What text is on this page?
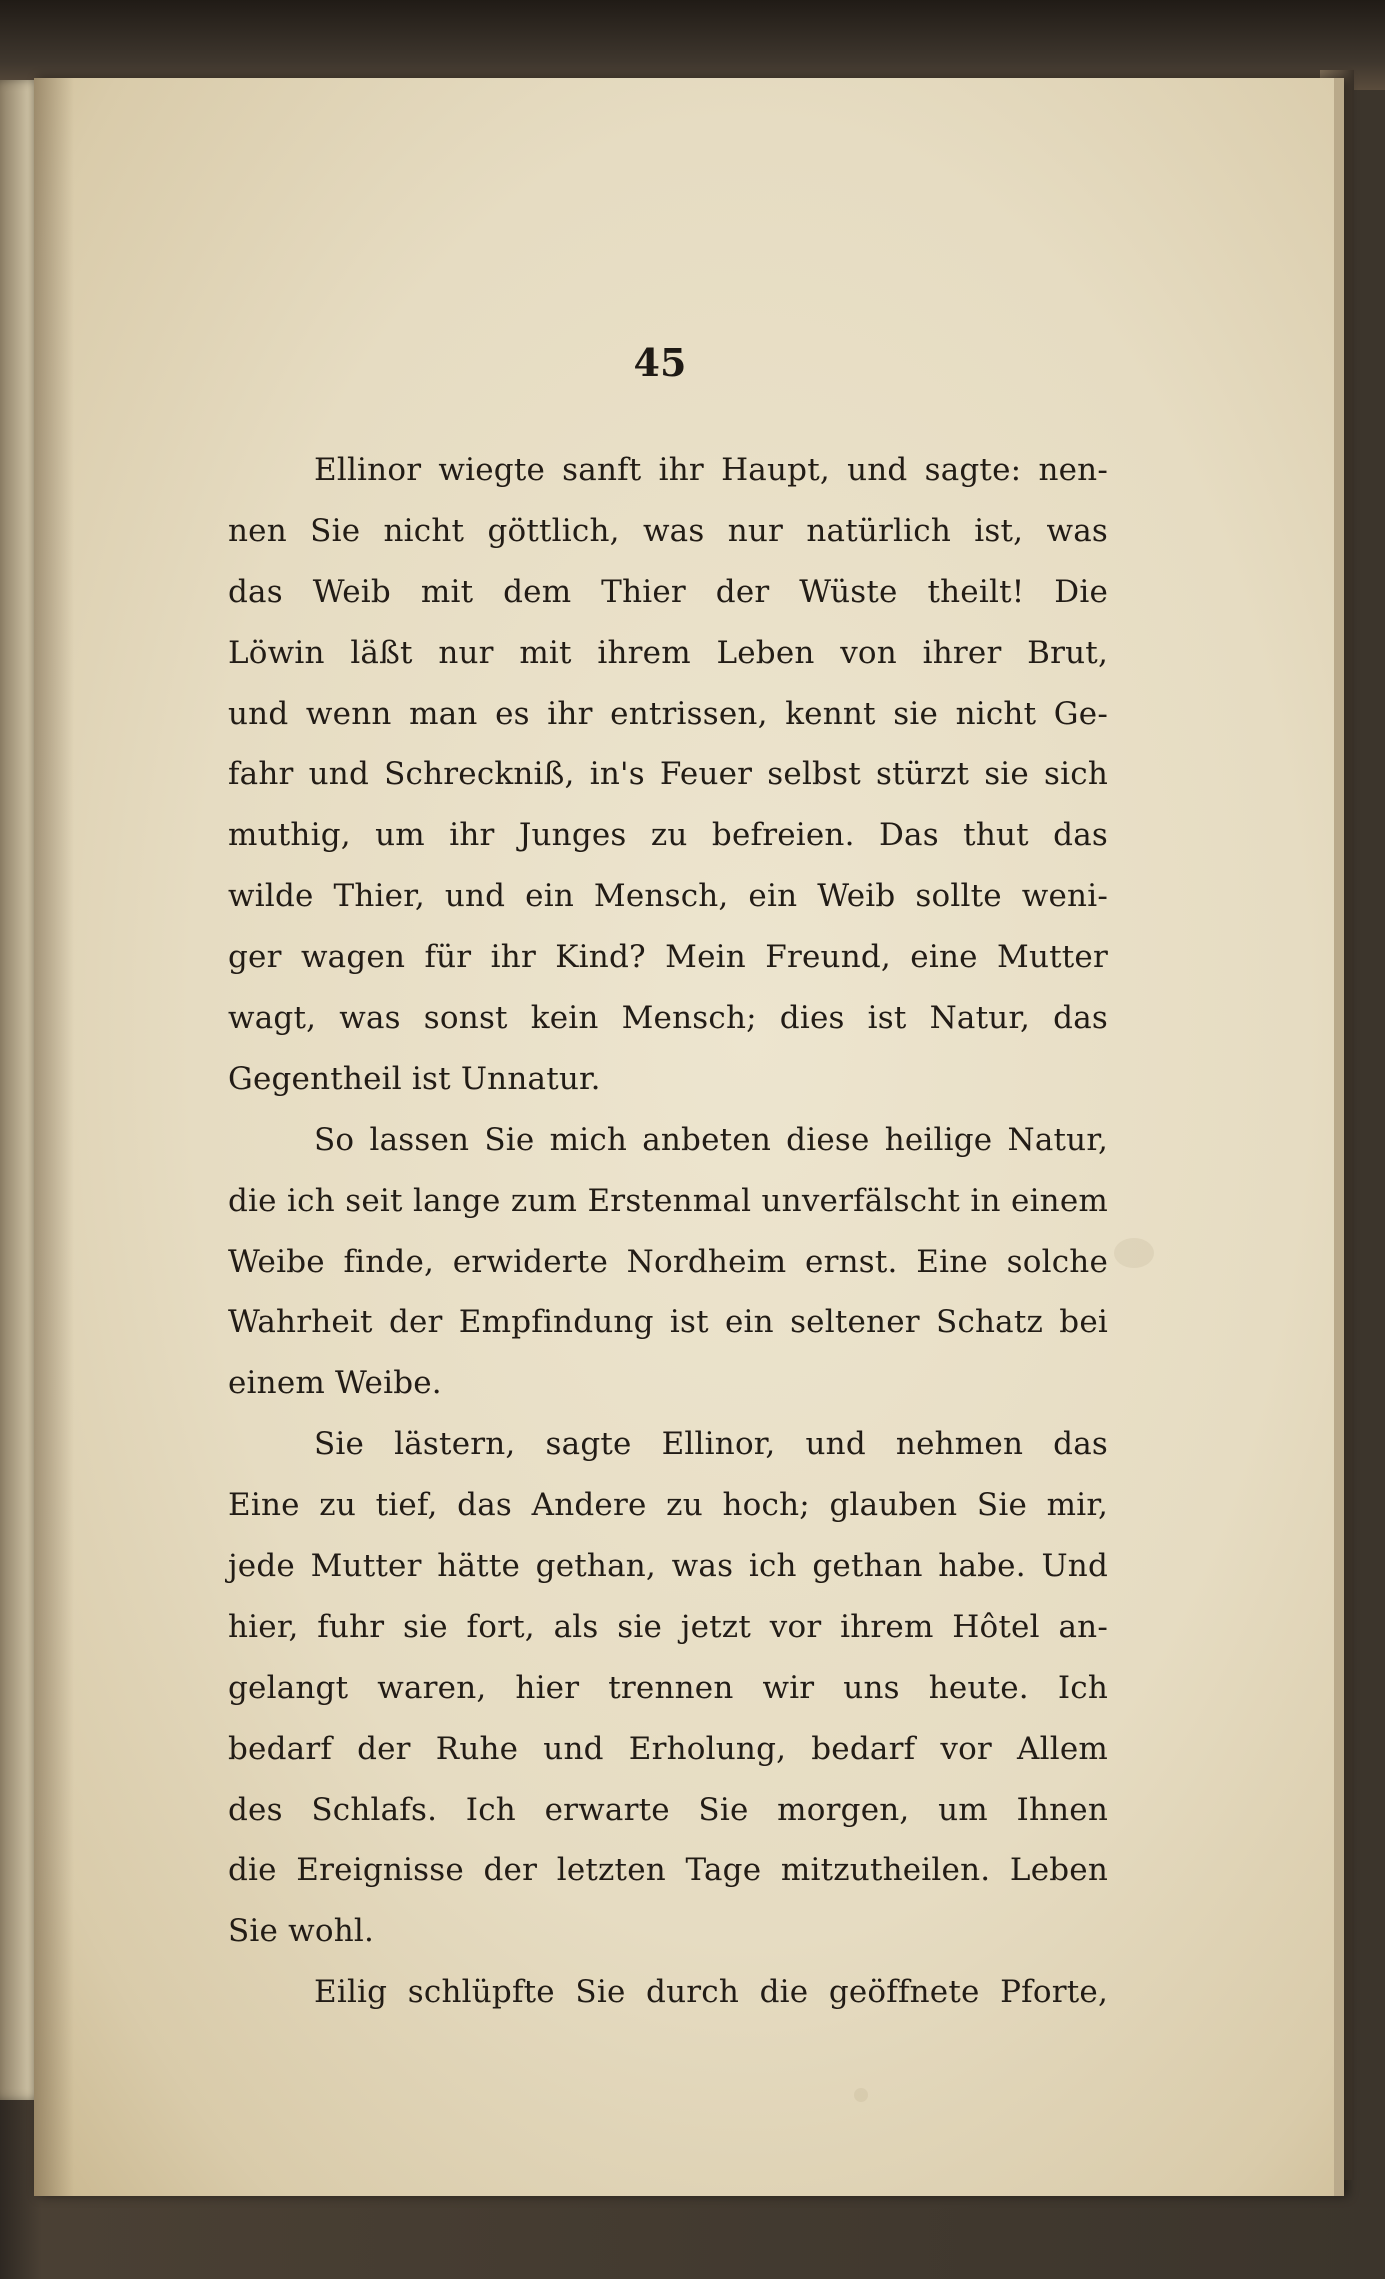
45
Ellinor wiegte sanft ihr Haupt, und sagte: nen-
nen Sie nicht göttlich, was nur natürlich ist, was
das Weib mit dem Thier der Wüste theilt! Die
Löwin läßt nur mit ihrem Leben von ihrer Brut,
und wenn man es ihr entrissen, kennt sie nicht Ge-
fahr und Schreckniß, in's Feuer selbst stürzt sie sich
muthig, um ihr Junges zu befreien. Das thut das
wilde Thier, und ein Mensch, ein Weib sollte weni-
ger wagen für ihr Kind? Mein Freund, eine Mutter
wagt, was sonst kein Mensch; dies ist Natur, das
Gegentheil ist Unnatur.
So lassen Sie mich anbeten diese heilige Natur,
die ich seit lange zum Erstenmal unverfälscht in einem
Weibe finde, erwiderte Nordheim ernst. Eine solche
Wahrheit der Empfindung ist ein seltener Schatz bei
einem Weibe.
Sie lästern, sagte Ellinor, und nehmen das
Eine zu tief, das Andere zu hoch; glauben Sie mir,
jede Mutter hätte gethan, was ich gethan habe. Und
hier, fuhr sie fort, als sie jetzt vor ihrem Hôtel an-
gelangt waren, hier trennen wir uns heute. Ich
bedarf der Ruhe und Erholung, bedarf vor Allem
des Schlafs. Ich erwarte Sie morgen, um Ihnen
die Ereignisse der letzten Tage mitzutheilen. Leben
Sie wohl.
Eilig schlüpfte Sie durch die geöffnete Pforte,
